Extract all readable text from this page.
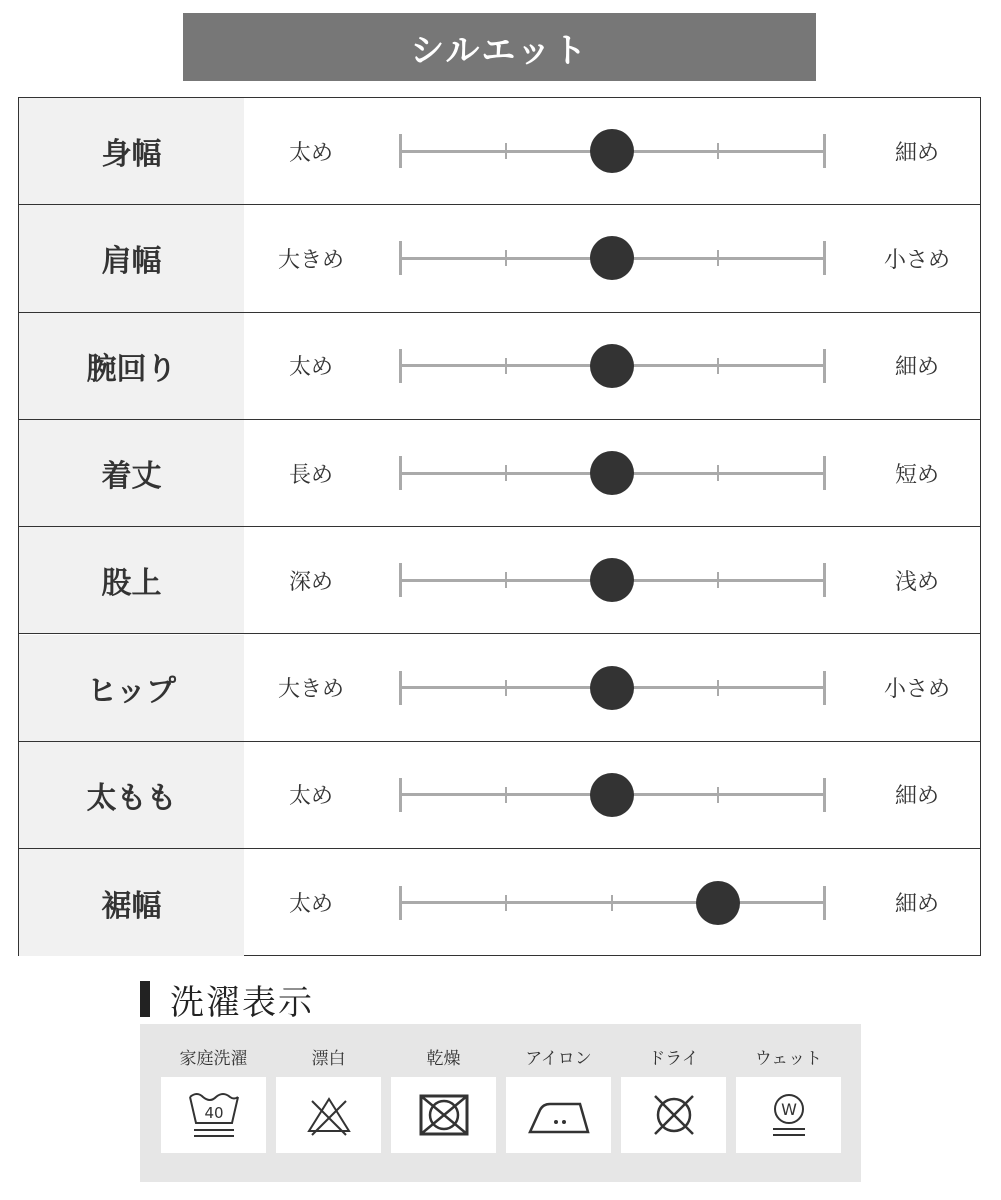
シルエット
身幅	太め	細め
肩幅	大きめ	小さめ
腕回り	太め	細め
着丈	長め	短め
股上	深め	浅め
ヒップ	大きめ	小さめ
太もも	太め	細め
裾幅	太め	細め
洗濯表示
家庭洗濯
40
漂白	乾燥	アイロン	ドライ	ウェット
W
